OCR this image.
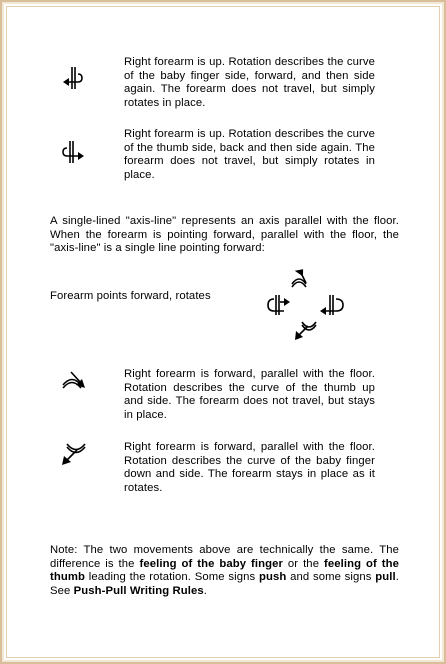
Right forearm is up. Rotation describes the curve of the baby finger side, forward, and then side again. The forearm does not travel, but simply rotates in place.
Right forearm is up. Rotation describes the curve of the thumb side, back and then side again. The forearm does not travel, but simply rotates in place.
A single-lined "axis-line" represents an axis parallel with the floor. When the forearm is pointing forward, parallel with the floor, the "axis-line" is a single line pointing forward:
Forearm points forward, rotates
Right forearm is forward, parallel with the floor. Rotation describes the curve of the thumb up and side. The forearm does not travel, but stays in place.
Right forearm is forward, parallel with the floor. Rotation describes the curve of the baby finger down and side. The forearm stays in place as it rotates.
Note: The two movements above are technically the same. The difference is the feeling of the baby finger or the feeling of the thumb leading the rotation. Some signs push and some signs pull. See Push-Pull Writing Rules.
